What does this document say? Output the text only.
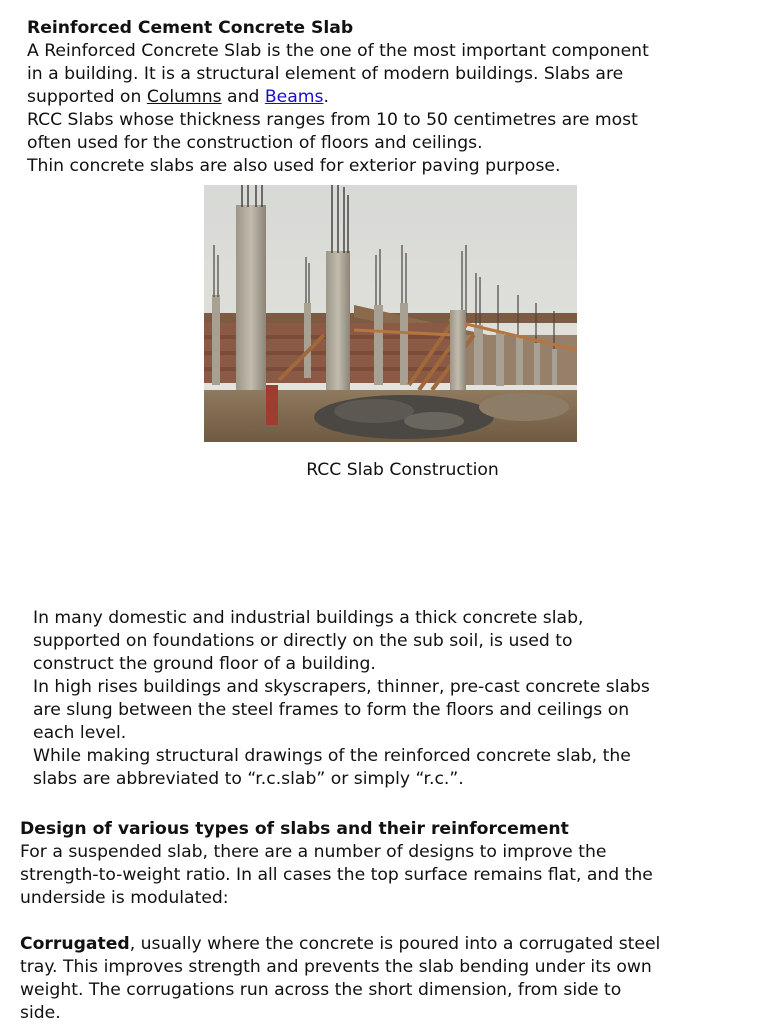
Reinforced Cement Concrete Slab
A Reinforced Concrete Slab is the one of the most important component
in a building. It is a structural element of modern buildings. Slabs are
supported on Columns and Beams.
RCC Slabs whose thickness ranges from 10 to 50 centimetres are most
often used for the construction of floors and ceilings.
Thin concrete slabs are also used for exterior paving purpose.
RCC Slab Construction
In many domestic and industrial buildings a thick concrete slab,
supported on foundations or directly on the sub soil, is used to
construct the ground floor of a building.
In high rises buildings and skyscrapers, thinner, pre-cast concrete slabs
are slung between the steel frames to form the floors and ceilings on
each level.
While making structural drawings of the reinforced concrete slab, the
slabs are abbreviated to “r.c.slab” or simply “r.c.”.
Design of various types of slabs and their reinforcement
For a suspended slab, there are a number of designs to improve the
strength-to-weight ratio. In all cases the top surface remains flat, and the
underside is modulated:
Corrugated, usually where the concrete is poured into a corrugated steel
tray. This improves strength and prevents the slab bending under its own
weight. The corrugations run across the short dimension, from side to
side.
